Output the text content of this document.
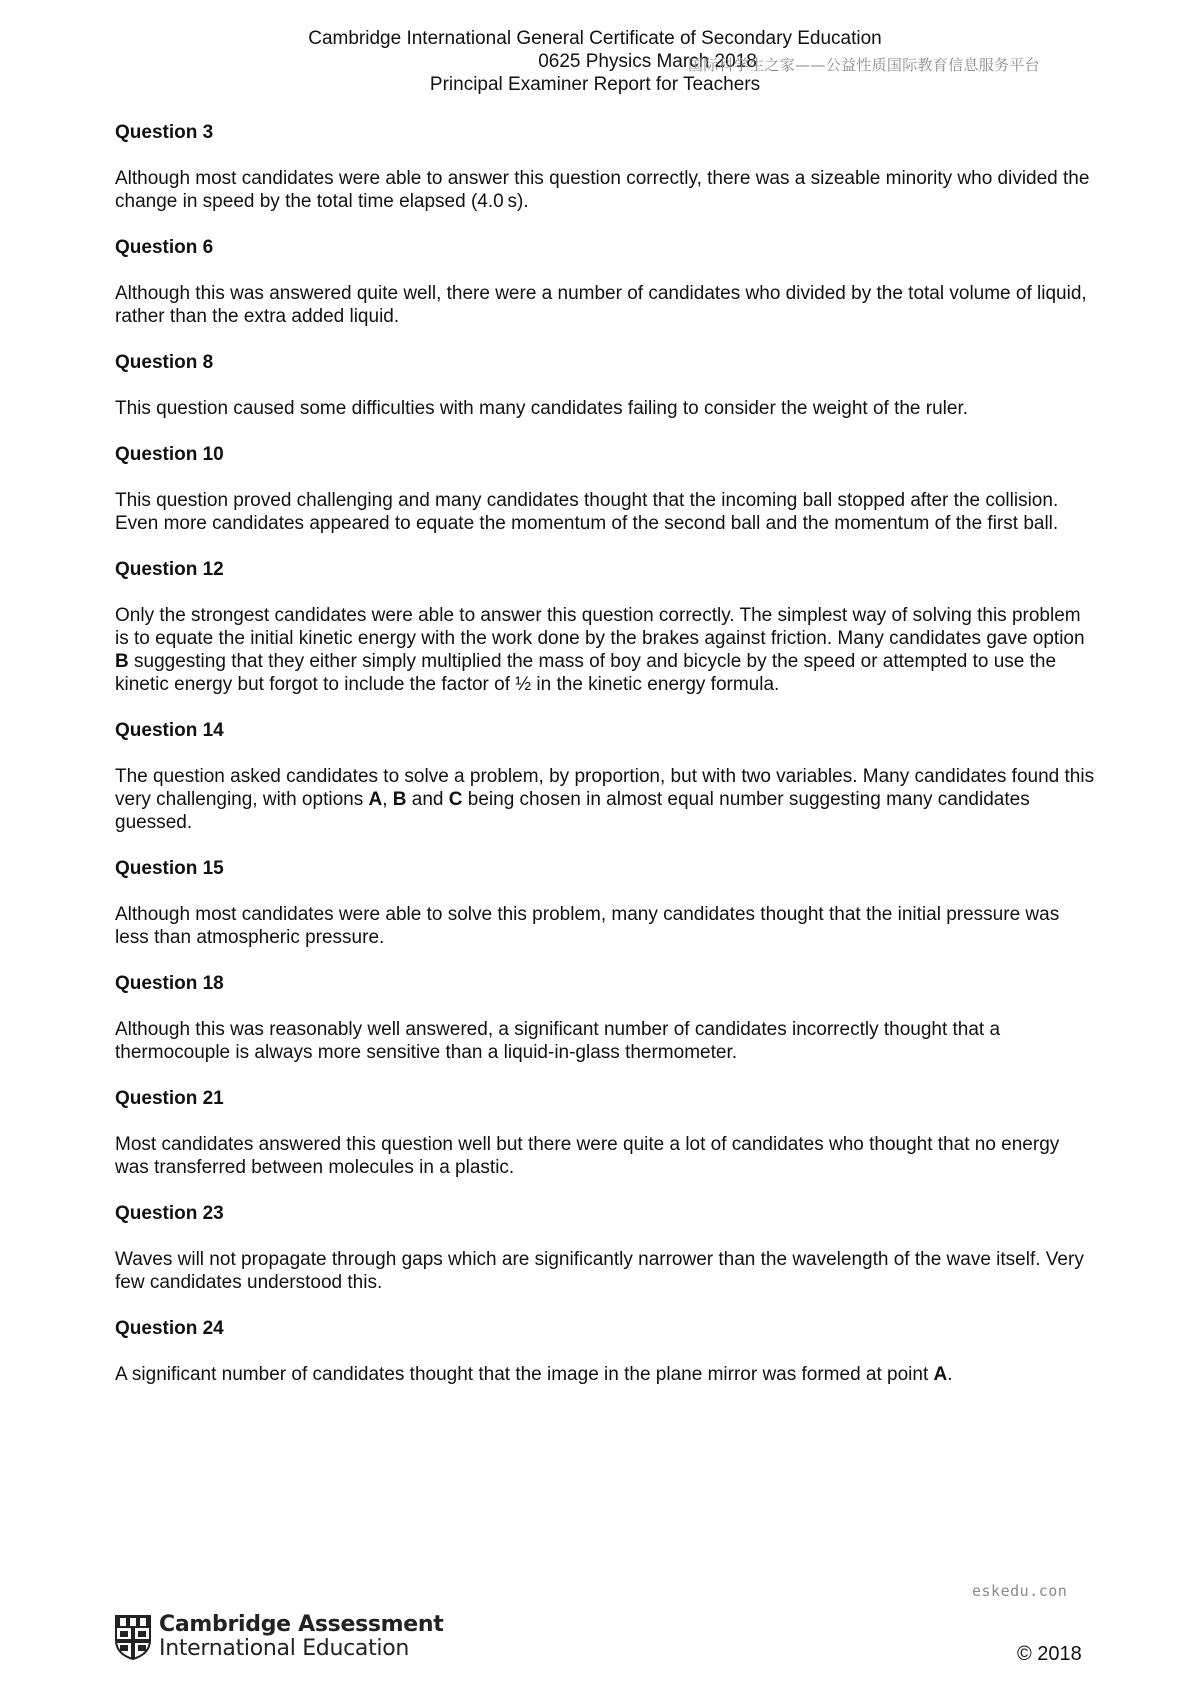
Cambridge International General Certificate of Secondary Education
0625 Physics March 2018
Principal Examiner Report for Teachers
国际科学生之家——公益性质国际教育信息服务平台
Question 3
Although most candidates were able to answer this question correctly, there was a sizeable minority who divided the change in speed by the total time elapsed (4.0 s).
Question 6
Although this was answered quite well, there were a number of candidates who divided by the total volume of liquid, rather than the extra added liquid.
Question 8
This question caused some difficulties with many candidates failing to consider the weight of the ruler.
Question 10
This question proved challenging and many candidates thought that the incoming ball stopped after the collision. Even more candidates appeared to equate the momentum of the second ball and the momentum of the first ball.
Question 12
Only the strongest candidates were able to answer this question correctly. The simplest way of solving this problem is to equate the initial kinetic energy with the work done by the brakes against friction. Many candidates gave option B suggesting that they either simply multiplied the mass of boy and bicycle by the speed or attempted to use the kinetic energy but forgot to include the factor of ½ in the kinetic energy formula.
Question 14
The question asked candidates to solve a problem, by proportion, but with two variables. Many candidates found this very challenging, with options A, B and C being chosen in almost equal number suggesting many candidates guessed.
Question 15
Although most candidates were able to solve this problem, many candidates thought that the initial pressure was less than atmospheric pressure.
Question 18
Although this was reasonably well answered, a significant number of candidates incorrectly thought that a thermocouple is always more sensitive than a liquid-in-glass thermometer.
Question 21
Most candidates answered this question well but there were quite a lot of candidates who thought that no energy was transferred between molecules in a plastic.
Question 23
Waves will not propagate through gaps which are significantly narrower than the wavelength of the wave itself. Very few candidates understood this.
Question 24
A significant number of candidates thought that the image in the plane mirror was formed at point A.
eskedu.con
Cambridge Assessment
International Education	© 2018
